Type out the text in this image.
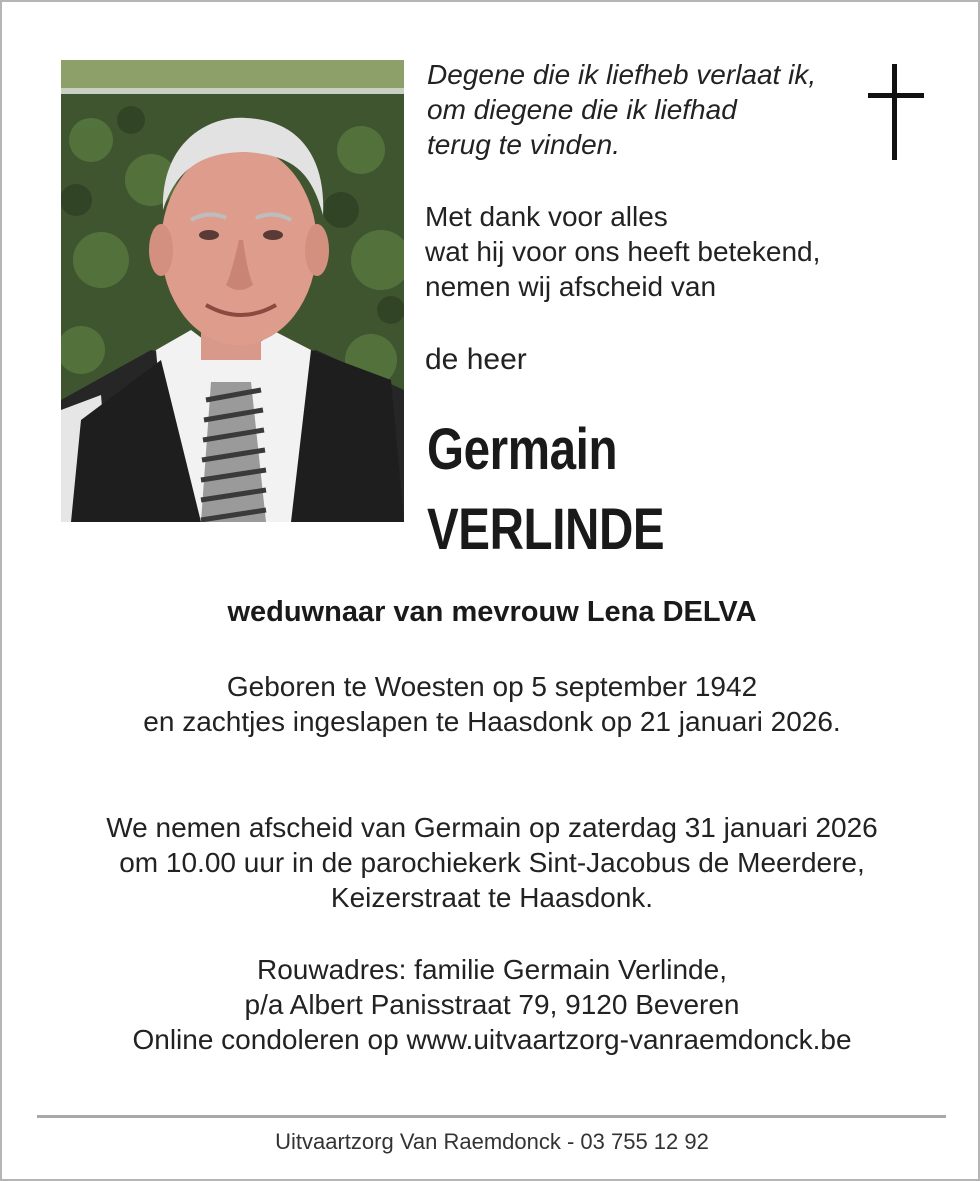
Degene die ik liefheb verlaat ik,
om diegene die ik liefhad
terug te vinden.
Met dank voor alles
wat hij voor ons heeft betekend,
nemen wij afscheid van
de heer
Germain
VERLINDE
weduwnaar van mevrouw Lena DELVA
Geboren te Woesten op 5 september 1942
en zachtjes ingeslapen te Haasdonk op 21 januari 2026.
We nemen afscheid van Germain op zaterdag 31 januari 2026
om 10.00 uur in de parochiekerk Sint-Jacobus de Meerdere,
Keizerstraat te Haasdonk.
Rouwadres: familie Germain Verlinde,
p/a Albert Panisstraat 79, 9120 Beveren
Online condoleren op www.uitvaartzorg-vanraemdonck.be
Uitvaartzorg Van Raemdonck - 03 755 12 92
